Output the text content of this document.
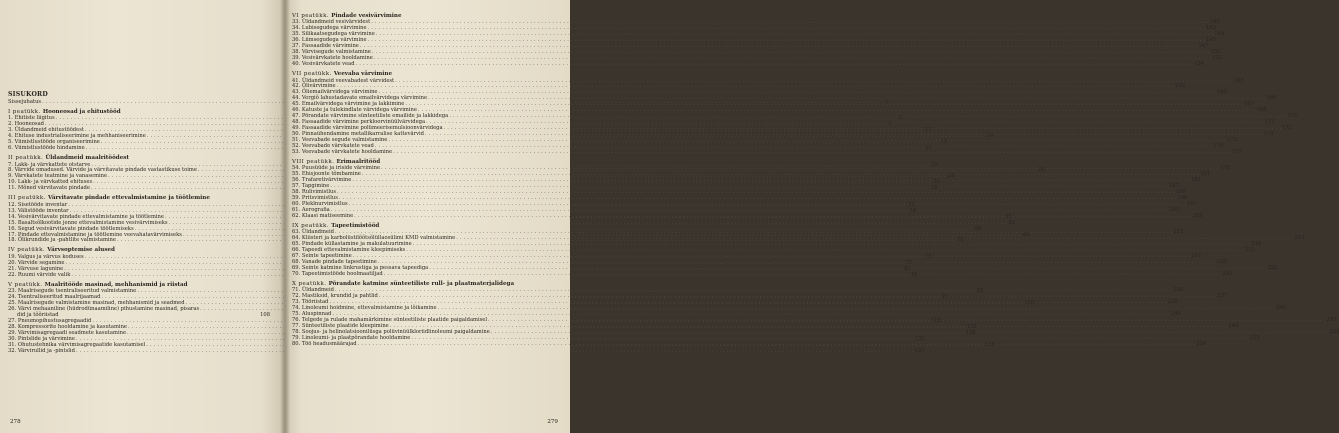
SISUKORD
Sissejuhatus . . .	3
I peatükk. Hooneosad ja ehitustööd
1. Ehitiste liigitus . . .	5
2. Hooneosad . . .	5
3. Üldandmeid ehitustöödest . . .	11
4. Ehituse industrialiseerimine ja mehhaniseerimine . . .	14
5. Viimistlustööde organiseerimine . . .	15
6. Viimistlustööde hindamine . . .	21
II peatükk. Üldandmeid maalritöödest
7. Lakk- ja värvkattete otstarve . . .	25
8. Värvide omadused. Värvide ja värvitavate pindade vastastikuse toime . . .	26
9. Värvkatete teatmine ja vanasemine . . .	26
10. Lakk- ja värvkatted ehituses . . .	28
11. Mõned värvitavate pindade . . .	28
III peatükk. Värvitavate pindade ettevalmistamine ja töötlemine
12. Sisetööde inventar . . .	31
13. Välistööde inventar . . .	34
14. Vesivärvitavate pindade ettevalmistamine ja töötlemine . . .	35
15. Basaltsõlkootide jenne ettevalmistamine vesivärvimiseks . . .	55
16. Segud vesivärvitavate pindade töötlemiseks . . .	58
17. Pindade ettevalmistamine ja töötlemine veevahatavärvimiseks . . .	60
18. Õlikrundide ja -pahtlite valmistamine . . .	70
IV peatükk. Värvsoptemise alused
19. Valgus ja värvus koduses . . .	73
20. Värvide segamine . . .	79
21. Värvuse lagunine . . .	81
22. Ruumi värvide valik . . .	84
V peatükk. Maalritööde masinad, mehhanismid ja riistad
23. Maalrisegude tsentraliseeritud valmistamine . . .	95
24. Tsentraliseeritud maalrijaamad . . .	97
25. Maalrisegude valmistamine masinad, mehhanismid ja seadmed . . .	100
26. Värvi mehaaniline (hüdrodünaamiline) pihustamine masinad, pisaras
. . .
did ja tõõriistad	108
27. Pneumopihustusagregaadid . . .	116
28. Kompressorite hooldamine ja kasutamine . . .	128
29. Värvimisagregaadi seadmete kasutamine . . .	130
30. Pintslide ja värvimine . . .	131
31. Ohutustehnika värvimisagregaatide kasutamisel . . .	136
32. Värvirullid ja -pintslid . . .	137
278
VI peatükk. Pindade vesivärvimine
33. Üldandmeid vesivärvidest . . .	142
34. Lubisegudega värvimine . . .	143
35. Silikaatsegudega värvimine . . .	144
36. Liimsegudega värvimine . . .	145
37. Fassaadide värvimine . . .	147
38. Värvisegude valmistamine . . .	152
39. Vesivärvkatete hooldamine . . .	153
40. Vesivärvkatete vead . . .	154
VII peatükk. Veevaba värvimine
41. Üldandmeid veevabadest värvidest . . .	155
42. Õlivärvimine . . .	162
43. Õliemailvärvidega värvimine . . .	163
44. Vergiõ lahustadavate emailvärvidega värvimine . . .	166
45. Emailvärvidega värvimine ja lakkimine . . .	167
46. Katuste ja tulekindlate värvidega värvimine . . .	168
47. Pörandate värvimine sünteetiliste emailide ja lakkidega . . .	170
48. Fassaadide värvimine perkloorvinüülvärvidega . . .	171
49. Fassaadide värvimine polümeerisemulsioonvärvidega . . .	172
50. Pinnaühendamine metallikarralise kattevärvid . . .	174
51. Veevabade segude valmistamine . . .	175
52. Veevabade värvkatete vead . . .	176
53. Veevabade värvkatete hooldamine . . .	177
VIII peatükk. Erimaalritööd
54. Puusüüde ja iriside värvimine . . .	178
55. Ehisjoonte tõmbamine . . .	181
56. Trafaretivärvimine . . .	182
57. Tapgimine . . .	187
58. Rulivimistlus . . .	190
59. Pritsvimistlus . . .	194
60. Pleklnurvimistlus . . .	197
61. Aerografia . . .	205
62. Klaasi matiseemine . . .	209
IX peatükk. Tapeetimistööd
63. Üldandmeid . . .	211
64. Kliisteri ja karbolüstilõõtsõlüllaosülimi KMD valmistamine . . .	212
65. Pindade küllastamine ja makulatuurimine . . .	214
66. Tapeedi ettevalmistamine kleepimiseks . . .	215
67. Seinte tapeetimine . . .	217
68. Vanade pindade tapeetimine . . .	220
69. Seinte katmine linkrustiga ja pessava tapeediga . . .	222
70. Tapeetimistööde hoolmaatiljad . . .	230
X peatükk. Põrandate katmine sünteetiliste rull- ja plaatmaterjalidega
71. Üldandmeid . . .	235
72. Mastiksid, krundid ja pahtlid . . .	237
73. Tööriistad . . .	238
74. Linoleumi hoidmine, ettevalmistamine ja lõikamine . . .	240
75. Aluspinnad . . .	244
76. Telgede ja rulade mahamärkimine sünteetiliste plaatide paigaldamisel . . .	247
77. Sünteetiliste plaatide kleepimine . . .	249
78. Soojus- ja helinolatsioonilüsga polüvinüülkloriidlinoleumi paigaldamine . . .	253
79. Linoleumi- ja plaatpõrandate hooldamine . . .	255
80. Töö headusmäärajad . . .	256
279
